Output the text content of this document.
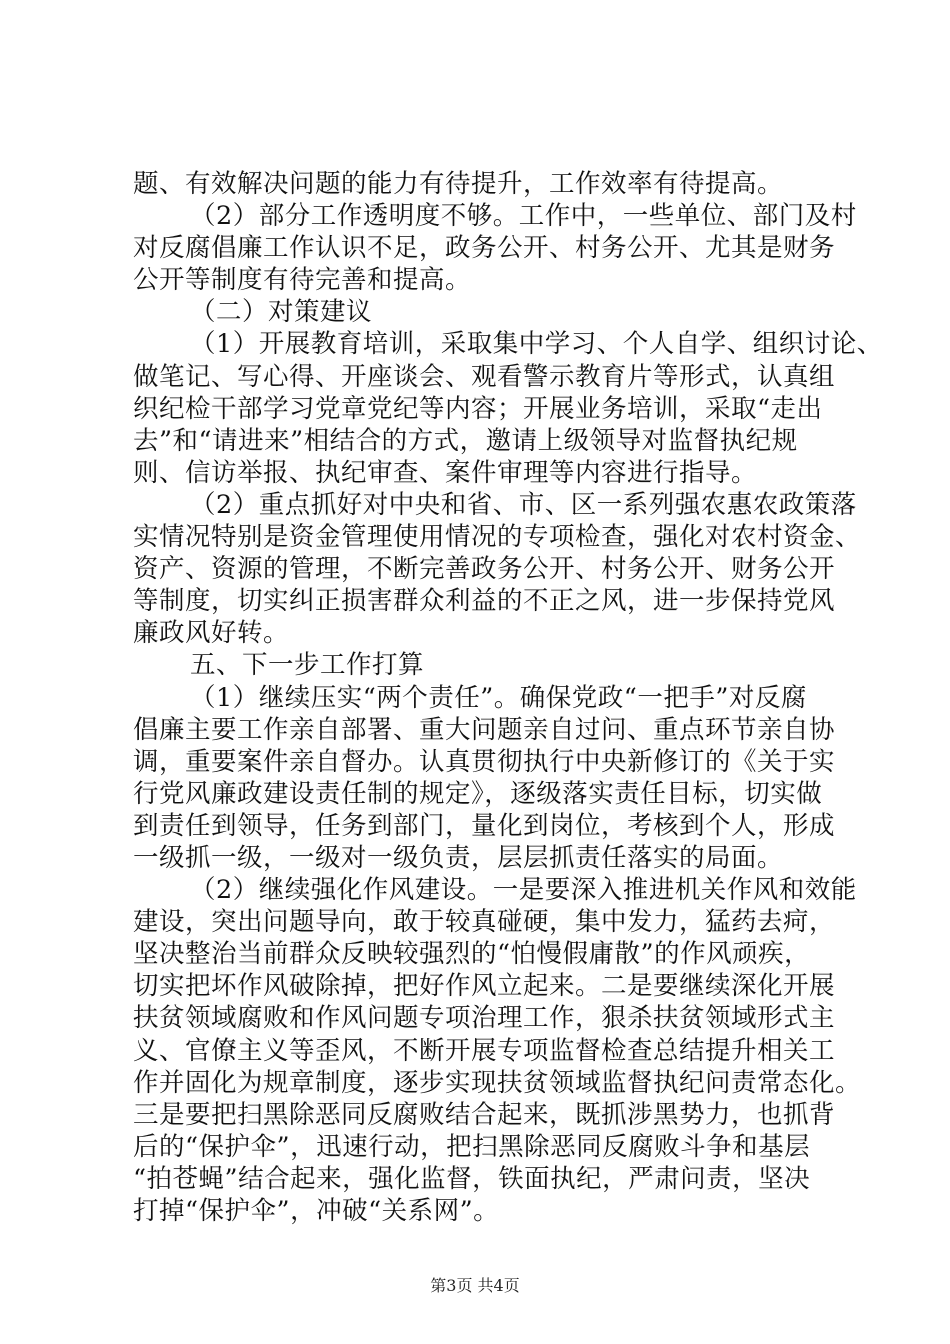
题、有效解决问题的能力有待提升，工作效率有待提高。
（2）部分工作透明度不够。工作中，一些单位、部门及村
对反腐倡廉工作认识不足，政务公开、村务公开、尤其是财务
公开等制度有待完善和提高。
（二）对策建议
（1）开展教育培训，采取集中学习、个人自学、组织讨论、
做笔记、写心得、开座谈会、观看警示教育片等形式，认真组
织纪检干部学习党章党纪等内容；开展业务培训，采取“走出
去”和“请进来”相结合的方式，邀请上级领导对监督执纪规
则、信访举报、执纪审查、案件审理等内容进行指导。
（2）重点抓好对中央和省、市、区一系列强农惠农政策落
实情况特别是资金管理使用情况的专项检查，强化对农村资金、
资产、资源的管理，不断完善政务公开、村务公开、财务公开
等制度，切实纠正损害群众利益的不正之风，进一步保持党风
廉政风好转。
五、下一步工作打算
（1）继续压实“两个责任”。确保党政“一把手”对反腐
倡廉主要工作亲自部署、重大问题亲自过问、重点环节亲自协
调，重要案件亲自督办。认真贯彻执行中央新修订的《关于实
行党风廉政建设责任制的规定》，逐级落实责任目标，切实做
到责任到领导，任务到部门，量化到岗位，考核到个人，形成
一级抓一级，一级对一级负责，层层抓责任落实的局面。
（2）继续强化作风建设。一是要深入推进机关作风和效能
建设，突出问题导向，敢于较真碰硬，集中发力，猛药去疴，
坚决整治当前群众反映较强烈的“怕慢假庸散”的作风顽疾，
切实把坏作风破除掉，把好作风立起来。二是要继续深化开展
扶贫领域腐败和作风问题专项治理工作，狠杀扶贫领域形式主
义、官僚主义等歪风，不断开展专项监督检查总结提升相关工
作并固化为规章制度，逐步实现扶贫领域监督执纪问责常态化。
三是要把扫黑除恶同反腐败结合起来，既抓涉黑势力，也抓背
后的“保护伞”，迅速行动，把扫黑除恶同反腐败斗争和基层
“拍苍蝇”结合起来，强化监督，铁面执纪，严肃问责，坚决
打掉“保护伞”，冲破“关系网”。
第3页 共4页
